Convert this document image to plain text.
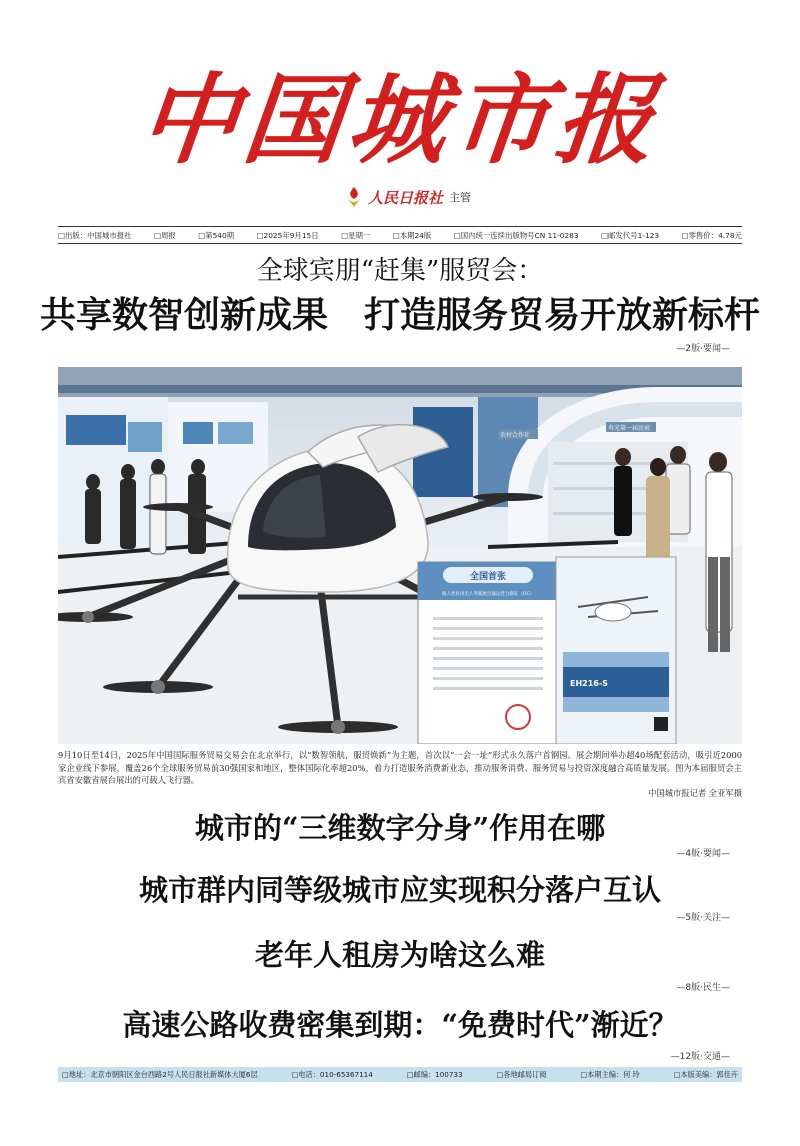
中国城市报
人民日报社 主管
□出版：中国城市报社	□周报	□第540期	□2025年9月15日	□星期一	□本期24版	□国内统一连续出版物号CN 11-0283	□邮发代号1-123	□零售价：4.78元
全球宾朋“赶集”服贸会：
共享数智创新成果　打造服务贸易开放新标杆
—2版·要闻—
农村合作社
寿光第一届民宿
全国首张
载人类民用无人驾驶航空器运营合格证（OC）
EH216-S
9月10日至14日，2025年中国国际服务贸易交易会在北京举行，以“数智领航，服贸焕新”为主题，首次以“一会一址”形式永久落户首钢园。展会期间举办超40场配套活动，吸引近2000家企业线下参展，覆盖26个全球服务贸易前30强国家和地区，整体国际化率超20%，着力打造服务消费新业态，推动服务消费、服务贸易与投资深度融合高质量发展。图为本届服贸会主宾省安徽省展台展出的可载人飞行器。
中国城市报记者 全亚军摄
城市的“三维数字分身”作用在哪
—4版·要闻—
城市群内同等级城市应实现积分落户互认
—5版·关注—
老年人租房为啥这么难
—8版·民生—
高速公路收费密集到期：“免费时代”渐近？
—12版·交通—
□地址：北京市朝阳区金台西路2号人民日报社新媒体大厦6层	□电话：010-65367114	□邮编：100733	□各地邮局订阅	□本期主编：何 玲	□本版美编：郭佳卉
